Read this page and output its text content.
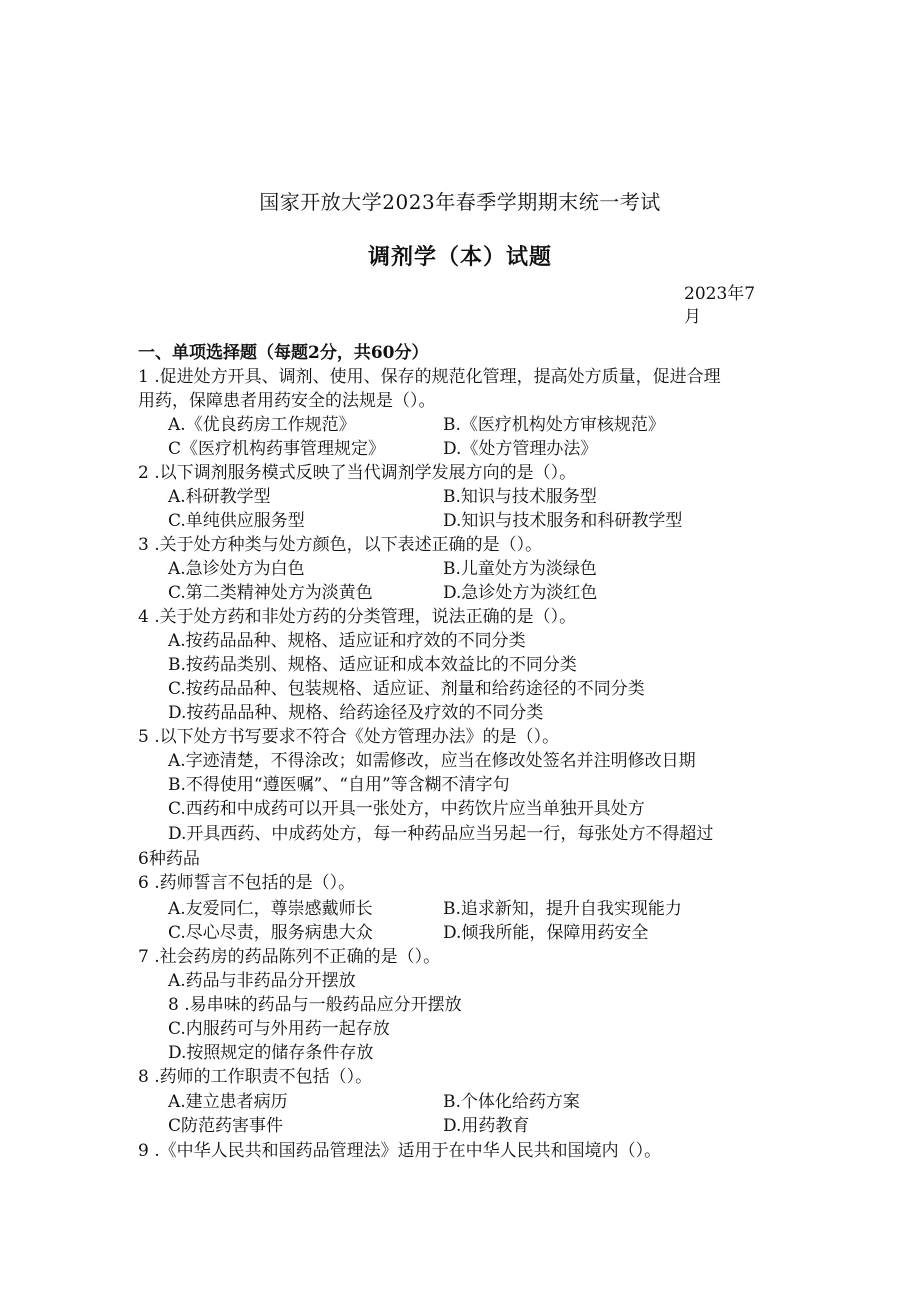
国家开放大学2023年春季学期期末统一考试
调剂学（本）试题
2023年7
月
一、单项选择题（每题2分，共60分）
1 .促进处方开具、调剂、使用、保存的规范化管理，提高处方质量，促进合理
用药，保障患者用药安全的法规是（）。
A.《优良药房工作规范》	B.《医疗机构处方审核规范》
C《医疗机构药事管理规定》	D.《处方管理办法》
2 .以下调剂服务模式反映了当代调剂学发展方向的是（）。
A.科研教学型	B.知识与技术服务型
C.单纯供应服务型	D.知识与技术服务和科研教学型
3 .关于处方种类与处方颜色，以下表述正确的是（）。
A.急诊处方为白色	B.儿童处方为淡绿色
C.第二类精神处方为淡黄色	D.急诊处方为淡红色
4 .关于处方药和非处方药的分类管理，说法正确的是（）。
A.按药品品种、规格、适应证和疗效的不同分类
B.按药品类别、规格、适应证和成本效益比的不同分类
C.按药品品种、包装规格、适应证、剂量和给药途径的不同分类
D.按药品品种、规格、给药途径及疗效的不同分类
5 .以下处方书写要求不符合《处方管理办法》的是（）。
A.字迹清楚，不得涂改；如需修改，应当在修改处签名并注明修改日期
B.不得使用“遵医嘱”、“自用”等含糊不清字句
C.西药和中成药可以开具一张处方，中药饮片应当单独开具处方
D.开具西药、中成药处方，每一种药品应当另起一行，每张处方不得超过
6种药品
6 .药师誓言不包括的是（）。
A.友爱同仁，尊崇感戴师长	B.追求新知，提升自我实现能力
C.尽心尽责，服务病患大众	D.倾我所能，保障用药安全
7 .社会药房的药品陈列不正确的是（）。
A.药品与非药品分开摆放
8 .易串味的药品与一般药品应分开摆放
C.内服药可与外用药一起存放
D.按照规定的储存条件存放
8 .药师的工作职责不包括（）。
A.建立患者病历	B.个体化给药方案
C防范药害事件	D.用药教育
9 .《中华人民共和国药品管理法》适用于在中华人民共和国境内（）。
